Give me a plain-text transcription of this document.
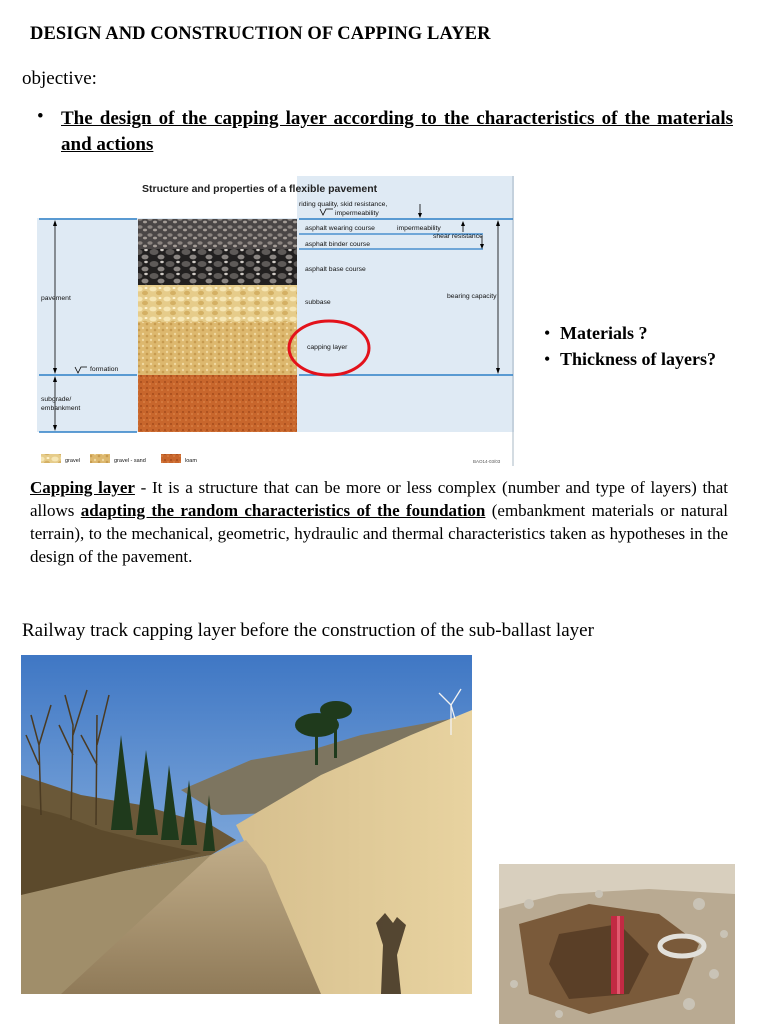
DESIGN AND CONSTRUCTION OF CAPPING LAYER
objective:
• The design of the capping layer according to the characteristics of the materials and actions
Structure and properties of a flexible pavement
riding quality, skid resistance,
impermeability
asphalt wearing course	impermeability
shear resistance
asphalt binder course
asphalt base course
subbase
capping layer
pavement
formation
subgrade/
embankment
bearing capacity
gravel	gravel - sand	loam	BAO14-03/03
• Materials ?
• Thickness of layers?
Capping layer - It is a structure that can be more or less complex (number and type of layers) that allows adapting the random characteristics of the foundation (embankment materials or natural terrain), to the mechanical, geometric, hydraulic and thermal characteristics taken as hypotheses in the design of the pavement.
Railway track capping layer before the construction of the sub-ballast layer
